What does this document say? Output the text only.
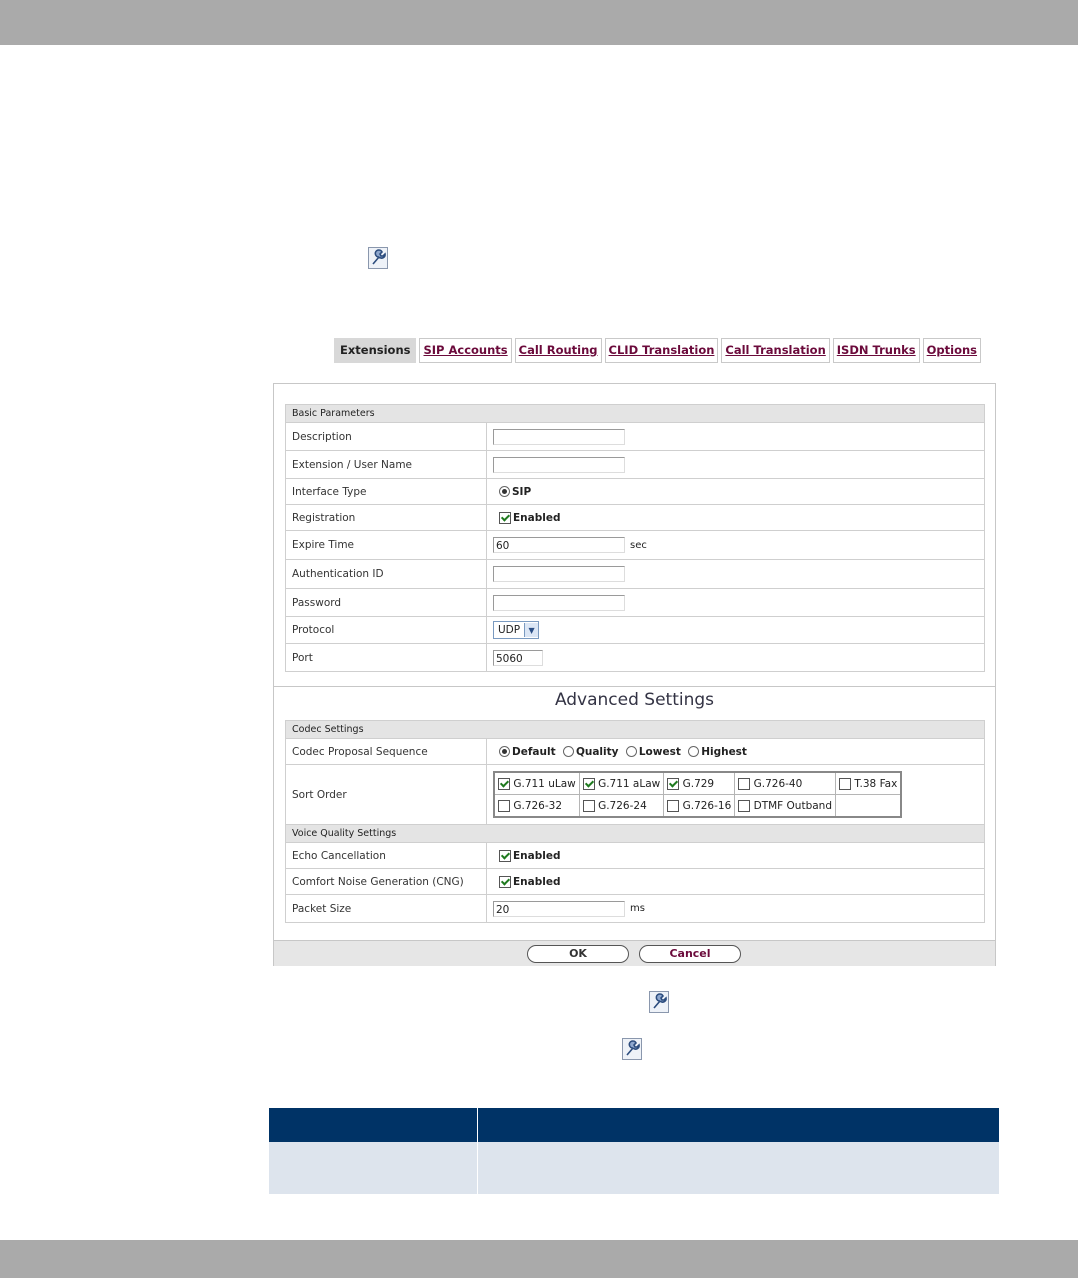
Extensions	SIP Accounts Call Routing CLID Translation Call Translation ISDN Trunks Options
Basic Parameters	
Description	
Extension / User Name	
Interface Type	SIP
Registration	Enabled
Expire Time	60 sec
Authentication ID	
Password	
Protocol	UDP ▼

Port	5060
Advanced Settings
Codec Settings
Codec Proposal Sequence	Default Quality Lowest Highest
Sort Order	
G.711 uLaw	G.711 aLaw	G.729	G.726-40	T.38 Fax
G.726-32	G.726-24	G.726-16	DTMF Outband	

Voice Quality Settings
Echo Cancellation	Enabled
Comfort Noise Generation (CNG)	Enabled
Packet Size	20	ms
OK	Cancel
